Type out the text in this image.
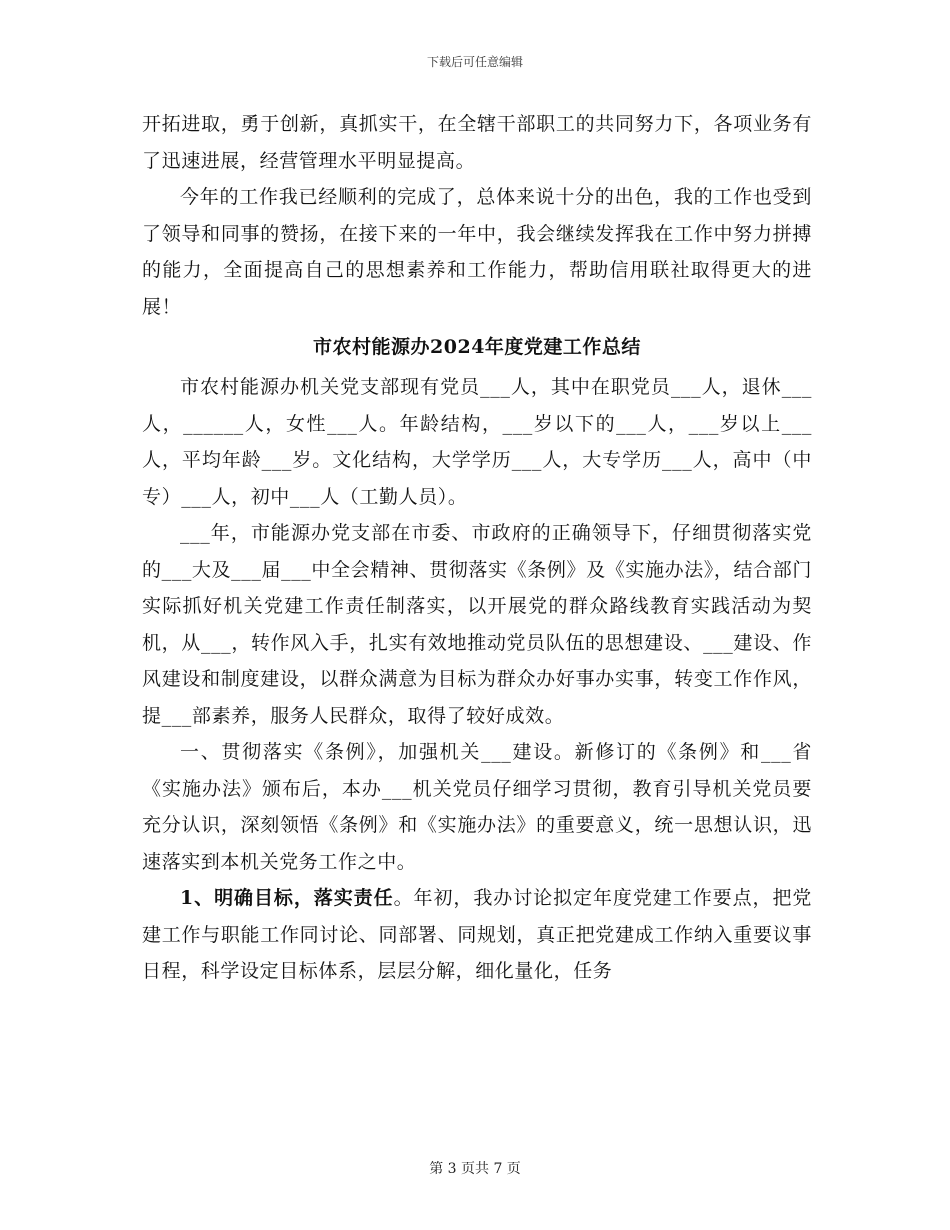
下载后可任意编辑

开拓进取，勇于创新，真抓实干，在全辖干部职工的共同努力下，各项业务有了迅速进展，经营管理水平明显提高。

今年的工作我已经顺利的完成了，总体来说十分的出色，我的工作也受到了领导和同事的赞扬，在接下来的一年中，我会继续发挥我在工作中努力拼搏的能力，全面提高自己的思想素养和工作能力，帮助信用联社取得更大的进展！

市农村能源办2024年度党建工作总结

市农村能源办机关党支部现有党员___人，其中在职党员___人，退休___人，______人，女性___人。年龄结构，___岁以下的___人，___岁以上___人，平均年龄___岁。文化结构，大学学历___人，大专学历___人，高中（中专）___人，初中___人（工勤人员）。

___年，市能源办党支部在市委、市政府的正确领导下，仔细贯彻落实党的___大及___届___中全会精神、贯彻落实《条例》及《实施办法》，结合部门实际抓好机关党建工作责任制落实，以开展党的群众路线教育实践活动为契机，从___，转作风入手，扎实有效地推动党员队伍的思想建设、___建设、作风建设和制度建设，以群众满意为目标为群众办好事办实事，转变工作作风，提___部素养，服务人民群众，取得了较好成效。

一、贯彻落实《条例》，加强机关___建设。新修订的《条例》和___省《实施办法》颁布后，本办___机关党员仔细学习贯彻，教育引导机关党员要充分认识，深刻领悟《条例》和《实施办法》的重要意义，统一思想认识，迅速落实到本机关党务工作之中。

1、明确目标，落实责任。年初，我办讨论拟定年度党建工作要点，把党建工作与职能工作同讨论、同部署、同规划，真正把党建成工作纳入重要议事日程，科学设定目标体系，层层分解，细化量化，任务

第 3 页共 7 页
